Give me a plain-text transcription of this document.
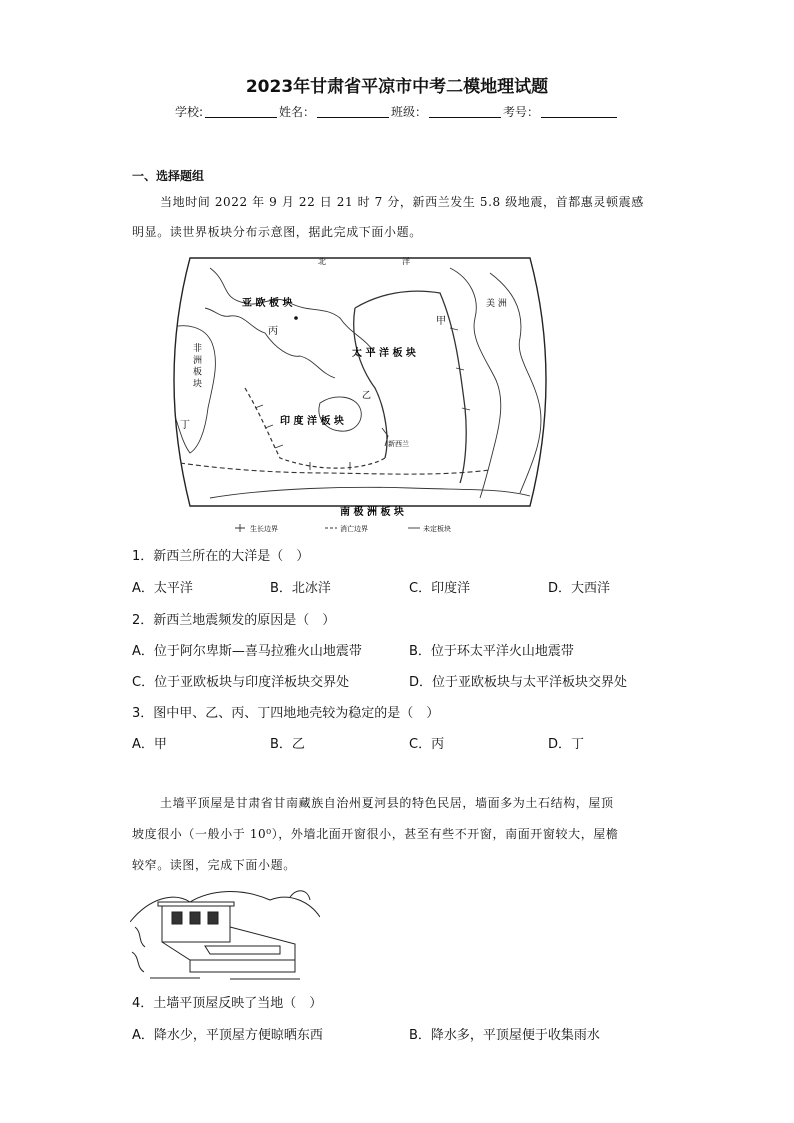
2023年甘肃省平凉市中考二模地理试题
学校:	姓名：	班级：	考号：
一、选择题组
当地时间 2022 年 9 月 22 日 21 时 7 分，新西兰发生 5.8 级地震，首都惠灵顿震感
明显。读世界板块分布示意图，据此完成下面小题。
亚 欧 板 块
太 平 洋 板 块
印 度 洋 板 块
南 极 洲 板 块
美 洲
非 洲 板 块
甲
丁
丙
乙
新西兰
北	洋
生长边界	消亡边界	未定板块
1．新西兰所在的大洋是（　）
A．太平洋	B．北冰洋	C．印度洋	D．大西洋
2．新西兰地震频发的原因是（　）
A．位于阿尔卑斯—喜马拉雅火山地震带	B．位于环太平洋火山地震带
C．位于亚欧板块与印度洋板块交界处	D．位于亚欧板块与太平洋板块交界处
3．图中甲、乙、丙、丁四地地壳较为稳定的是（　）
A．甲	B．乙	C．丙	D．丁
土墙平顶屋是甘肃省甘南藏族自治州夏河县的特色民居，墙面多为土石结构，屋顶
坡度很小（一般小于 10⁰），外墙北面开窗很小，甚至有些不开窗，南面开窗较大，屋檐
较窄。读图，完成下面小题。
4．土墙平顶屋反映了当地（　）
A．降水少，平顶屋方便晾晒东西	B．降水多，平顶屋便于收集雨水
